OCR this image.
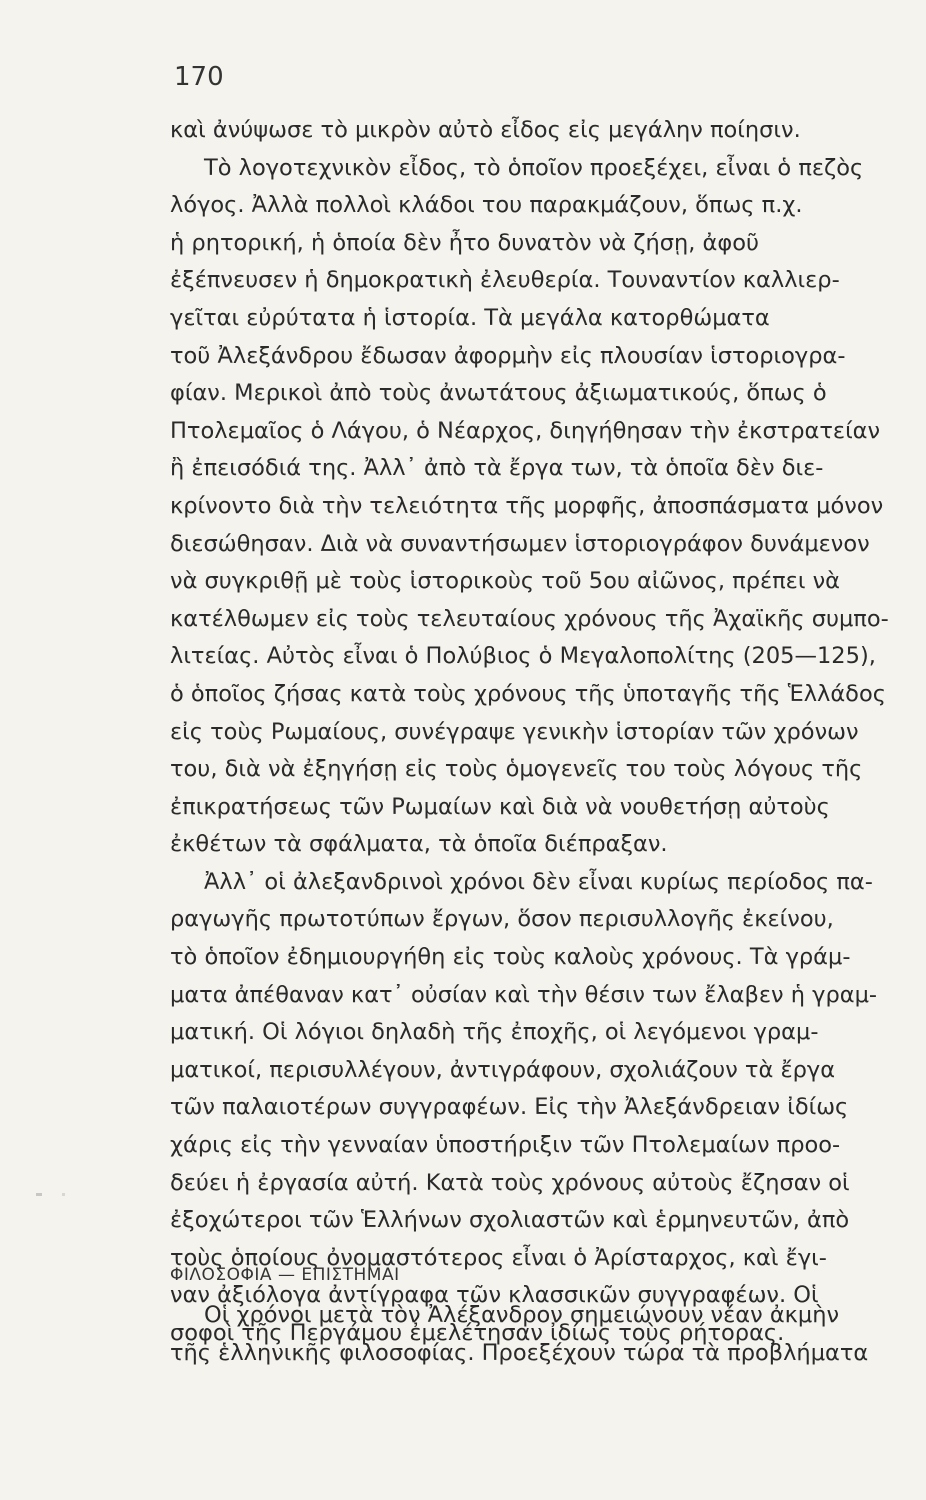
170
καὶ ἀνύψωσε τὸ μικρὸν αὐτὸ εἶδος εἰς μεγάλην ποίησιν.
Τὸ λογοτεχνικὸν εἶδος, τὸ ὁποῖον προεξέχει, εἶναι ὁ πεζὸς
λόγος. Ἀλλὰ πολλοὶ κλάδοι του παρακμάζουν, ὅπως π.χ.
ἡ ρητορική, ἡ ὁποία δὲν ἦτο δυνατὸν νὰ ζήσῃ, ἀφοῦ
ἐξέπνευσεν ἡ δημοκρατικὴ ἐλευθερία. Τουναντίον καλλιερ-
γεῖται εὐρύτατα ἡ ἱστορία. Τὰ μεγάλα κατορθώματα
τοῦ Ἀλεξάνδρου ἔδωσαν ἀφορμὴν εἰς πλουσίαν ἱστοριογρα-
φίαν. Μερικοὶ ἀπὸ τοὺς ἀνωτάτους ἀξιωματικούς, ὅπως ὁ
Πτολεμαῖος ὁ Λάγου, ὁ Νέαρχος, διηγήθησαν τὴν ἐκστρατείαν
ἢ ἐπεισόδιά της. Ἀλλ᾽ ἀπὸ τὰ ἔργα των, τὰ ὁποῖα δὲν διε-
κρίνοντο διὰ τὴν τελειότητα τῆς μορφῆς, ἀποσπάσματα μόνον
διεσώθησαν. Διὰ νὰ συναντήσωμεν ἱστοριογράφον δυνάμενον
νὰ συγκριθῇ μὲ τοὺς ἱστορικοὺς τοῦ 5ου αἰῶνος, πρέπει νὰ
κατέλθωμεν εἰς τοὺς τελευταίους χρόνους τῆς Ἀχαϊκῆς συμπο-
λιτείας. Αὐτὸς εἶναι ὁ Πολύβιος ὁ Μεγαλοπολίτης (205—125),
ὁ ὁποῖος ζήσας κατὰ τοὺς χρόνους τῆς ὑποταγῆς τῆς Ἑλλάδος
εἰς τοὺς Ρωμαίους, συνέγραψε γενικὴν ἱστορίαν τῶν χρόνων
του, διὰ νὰ ἐξηγήσῃ εἰς τοὺς ὁμογενεῖς του τοὺς λόγους τῆς
ἐπικρατήσεως τῶν Ρωμαίων καὶ διὰ νὰ νουθετήσῃ αὐτοὺς
ἐκθέτων τὰ σφάλματα, τὰ ὁποῖα διέπραξαν.
Ἀλλ᾽ οἱ ἀλεξανδρινοὶ χρόνοι δὲν εἶναι κυρίως περίοδος πα-
ραγωγῆς πρωτοτύπων ἔργων, ὅσον περισυλλογῆς ἐκείνου,
τὸ ὁποῖον ἐδημιουργήθη εἰς τοὺς καλοὺς χρόνους. Τὰ γράμ-
ματα ἀπέθαναν κατ᾽ οὐσίαν καὶ τὴν θέσιν των ἔλαβεν ἡ γραμ-
ματική. Οἱ λόγιοι δηλαδὴ τῆς ἐποχῆς, οἱ λεγόμενοι γραμ-
ματικοί, περισυλλέγουν, ἀντιγράφουν, σχολιάζουν τὰ ἔργα
τῶν παλαιοτέρων συγγραφέων. Εἰς τὴν Ἀλεξάνδρειαν ἰδίως
χάρις εἰς τὴν γενναίαν ὑποστήριξιν τῶν Πτολεμαίων προο-
δεύει ἡ ἐργασία αὐτή. Κατὰ τοὺς χρόνους αὐτοὺς ἔζησαν οἱ
ἐξοχώτεροι τῶν Ἑλλήνων σχολιαστῶν καὶ ἑρμηνευτῶν, ἀπὸ
τοὺς ὁποίους ὀνομαστότερος εἶναι ὁ Ἀρίσταρχος, καὶ ἔγι-
ναν ἀξιόλογα ἀντίγραφα τῶν κλασσικῶν συγγραφέων. Οἱ
σοφοὶ τῆς Περγάμου ἐμελέτησαν ἰδίως τοὺς ρήτορας.
ΦΙΛΟΣΟΦΙΑ — ΕΠΙΣΤΗΜΑΙ
Οἱ χρόνοι μετὰ τὸν Ἀλέξανδρον σημειώνουν νέαν ἀκμὴν
τῆς ἑλληνικῆς φιλοσοφίας. Προεξέχουν τώρα τὰ προβλήματα
